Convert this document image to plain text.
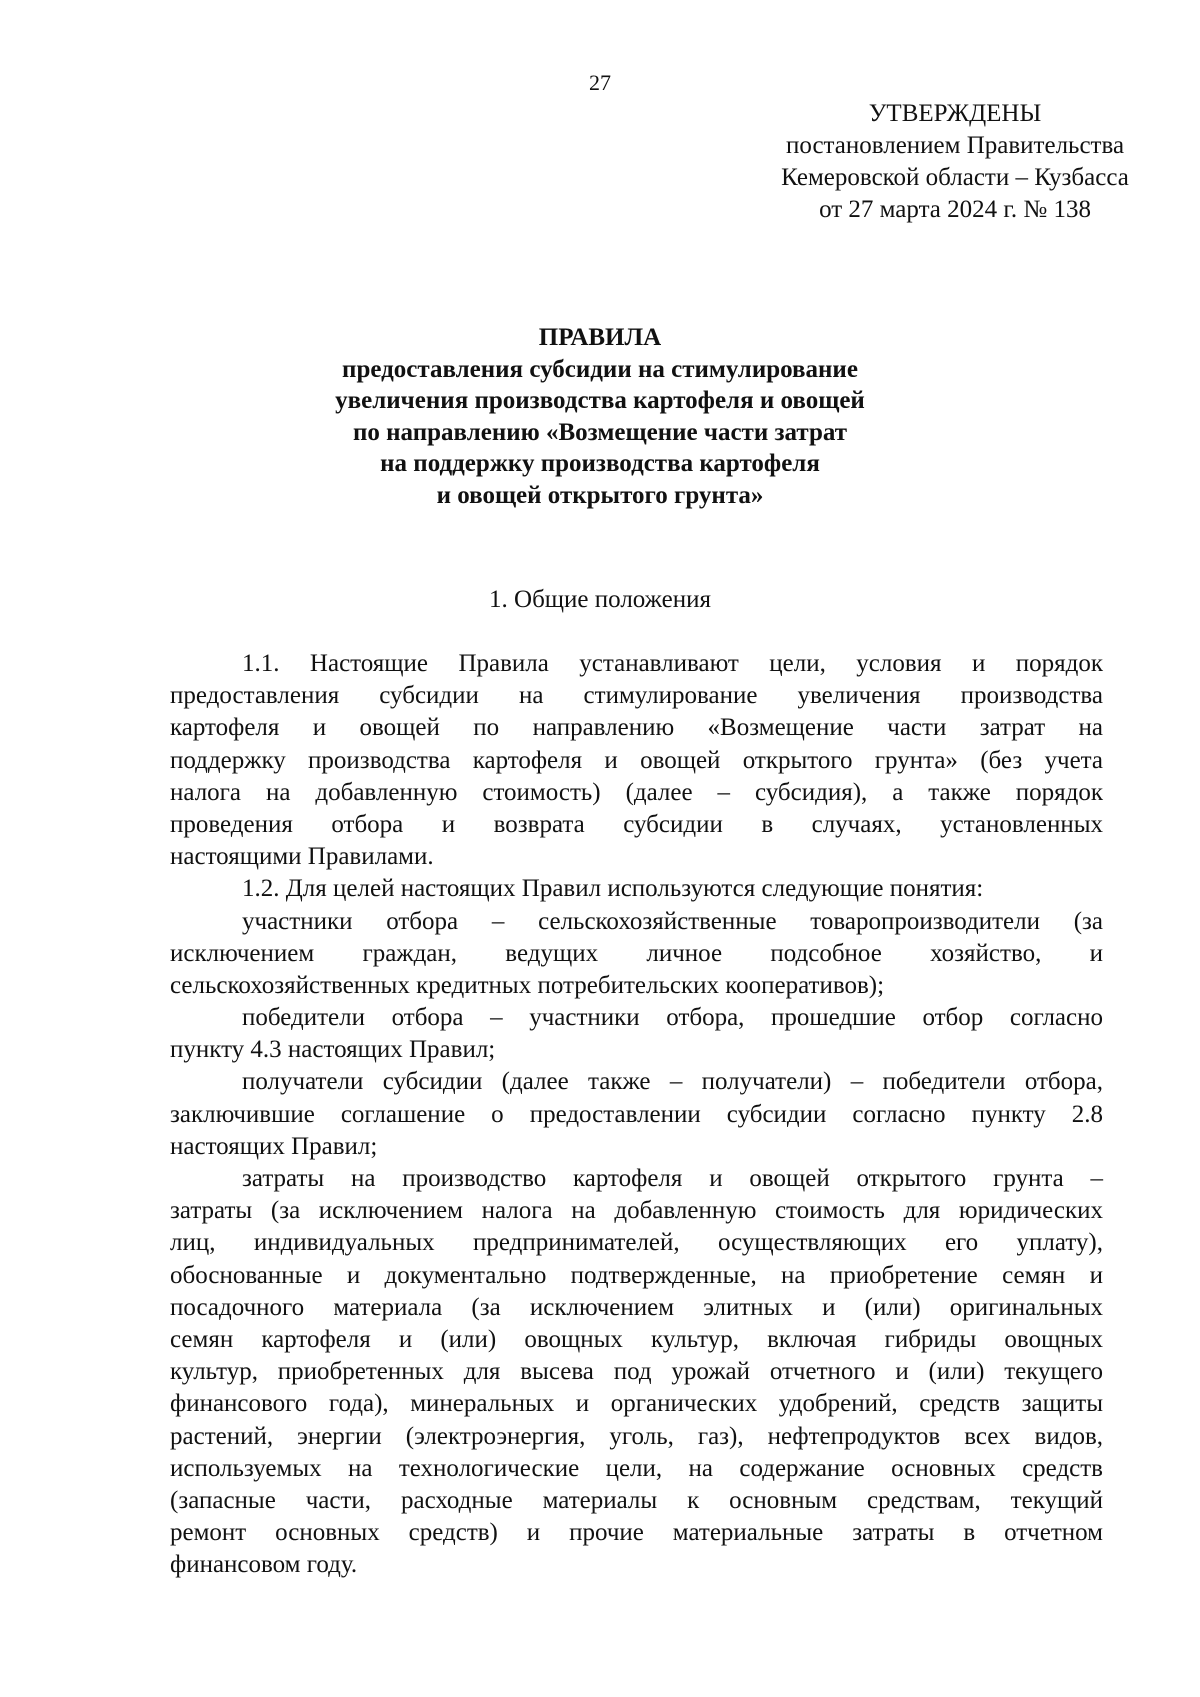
27
УТВЕРЖДЕНЫ
постановлением Правительства
Кемеровской области – Кузбасса
от 27 марта 2024 г. № 138
ПРАВИЛА
предоставления субсидии на стимулирование
увеличения производства картофеля и овощей
по направлению «Возмещение части затрат
на поддержку производства картофеля
и овощей открытого грунта»
1. Общие положения
1.1. Настоящие Правила устанавливают цели, условия и порядок
предоставления субсидии на стимулирование увеличения производства
картофеля и овощей по направлению «Возмещение части затрат на
поддержку производства картофеля и овощей открытого грунта» (без учета
налога на добавленную стоимость) (далее – субсидия), а также порядок
проведения отбора и возврата субсидии в случаях, установленных
настоящими Правилами.
1.2. Для целей настоящих Правил используются следующие понятия:
участники отбора – сельскохозяйственные товаропроизводители (за
исключением граждан, ведущих личное подсобное хозяйство, и
сельскохозяйственных кредитных потребительских кооперативов);
победители отбора – участники отбора, прошедшие отбор согласно
пункту 4.3 настоящих Правил;
получатели субсидии (далее также – получатели) – победители отбора,
заключившие соглашение о предоставлении субсидии согласно пункту 2.8
настоящих Правил;
затраты на производство картофеля и овощей открытого грунта –
затраты (за исключением налога на добавленную стоимость для юридических
лиц, индивидуальных предпринимателей, осуществляющих его уплату),
обоснованные и документально подтвержденные, на приобретение семян и
посадочного материала (за исключением элитных и (или) оригинальных
семян картофеля и (или) овощных культур, включая гибриды овощных
культур, приобретенных для высева под урожай отчетного и (или) текущего
финансового года), минеральных и органических удобрений, средств защиты
растений, энергии (электроэнергия, уголь, газ), нефтепродуктов всех видов,
используемых на технологические цели, на содержание основных средств
(запасные части, расходные материалы к основным средствам, текущий
ремонт основных средств) и прочие материальные затраты в отчетном
финансовом году.
